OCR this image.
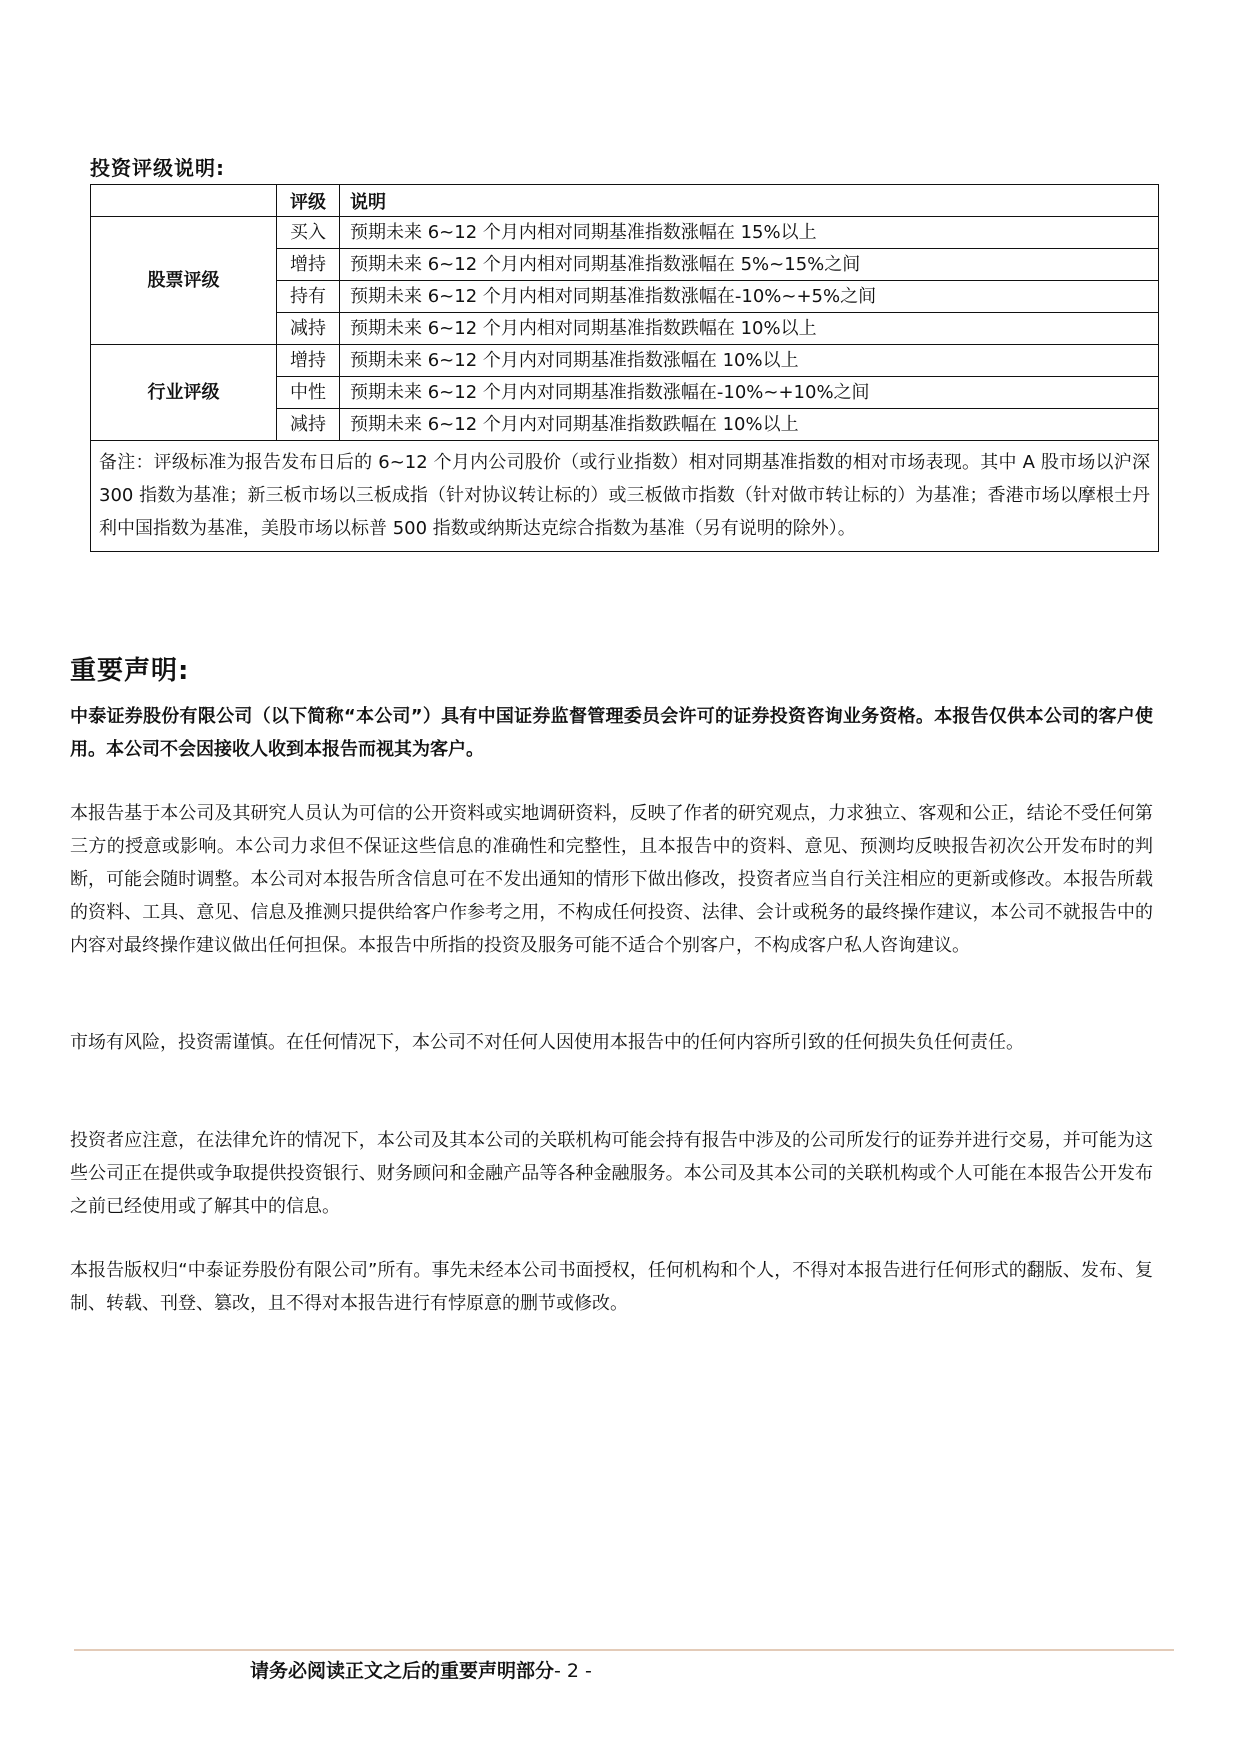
投资评级说明:
	评级	说明
股票评级	买入	预期未来 6~12 个月内相对同期基准指数涨幅在 15%以上
	增持	预期未来 6~12 个月内相对同期基准指数涨幅在 5%~15%之间
	持有	预期未来 6~12 个月内相对同期基准指数涨幅在-10%~+5%之间
	减持	预期未来 6~12 个月内相对同期基准指数跌幅在 10%以上
行业评级	增持	预期未来 6~12 个月内对同期基准指数涨幅在 10%以上
	中性	预期未来 6~12 个月内对同期基准指数涨幅在-10%~+10%之间
	减持	预期未来 6~12 个月内对同期基准指数跌幅在 10%以上
备注：评级标准为报告发布日后的 6~12 个月内公司股价（或行业指数）相对同期基准指数的相对市场表现。其中 A 股市场以沪深 300 指数为基准；新三板市场以三板成指（针对协议转让标的）或三板做市指数（针对做市转让标的）为基准；香港市场以摩根士丹利中国指数为基准，美股市场以标普 500 指数或纳斯达克综合指数为基准（另有说明的除外）。		
重要声明:

中泰证券股份有限公司（以下简称“本公司”）具有中国证券监督管理委员会许可的证券投资咨询业务资格。本报告仅供本公司的客户使用。本公司不会因接收人收到本报告而视其为客户。

本报告基于本公司及其研究人员认为可信的公开资料或实地调研资料，反映了作者的研究观点，力求独立、客观和公正，结论不受任何第三方的授意或影响。本公司力求但不保证这些信息的准确性和完整性，且本报告中的资料、意见、预测均反映报告初次公开发布时的判断，可能会随时调整。本公司对本报告所含信息可在不发出通知的情形下做出修改，投资者应当自行关注相应的更新或修改。本报告所载的资料、工具、意见、信息及推测只提供给客户作参考之用，不构成任何投资、法律、会计或税务的最终操作建议，本公司不就报告中的内容对最终操作建议做出任何担保。本报告中所指的投资及服务可能不适合个别客户，不构成客户私人咨询建议。

市场有风险，投资需谨慎。在任何情况下，本公司不对任何人因使用本报告中的任何内容所引致的任何损失负任何责任。

投资者应注意，在法律允许的情况下，本公司及其本公司的关联机构可能会持有报告中涉及的公司所发行的证券并进行交易，并可能为这些公司正在提供或争取提供投资银行、财务顾问和金融产品等各种金融服务。本公司及其本公司的关联机构或个人可能在本报告公开发布之前已经使用或了解其中的信息。

本报告版权归“中泰证券股份有限公司”所有。事先未经本公司书面授权，任何机构和个人，不得对本报告进行任何形式的翻版、发布、复制、转载、刊登、篡改，且不得对本报告进行有悖原意的删节或修改。

请务必阅读正文之后的重要声明部分- 2 -
